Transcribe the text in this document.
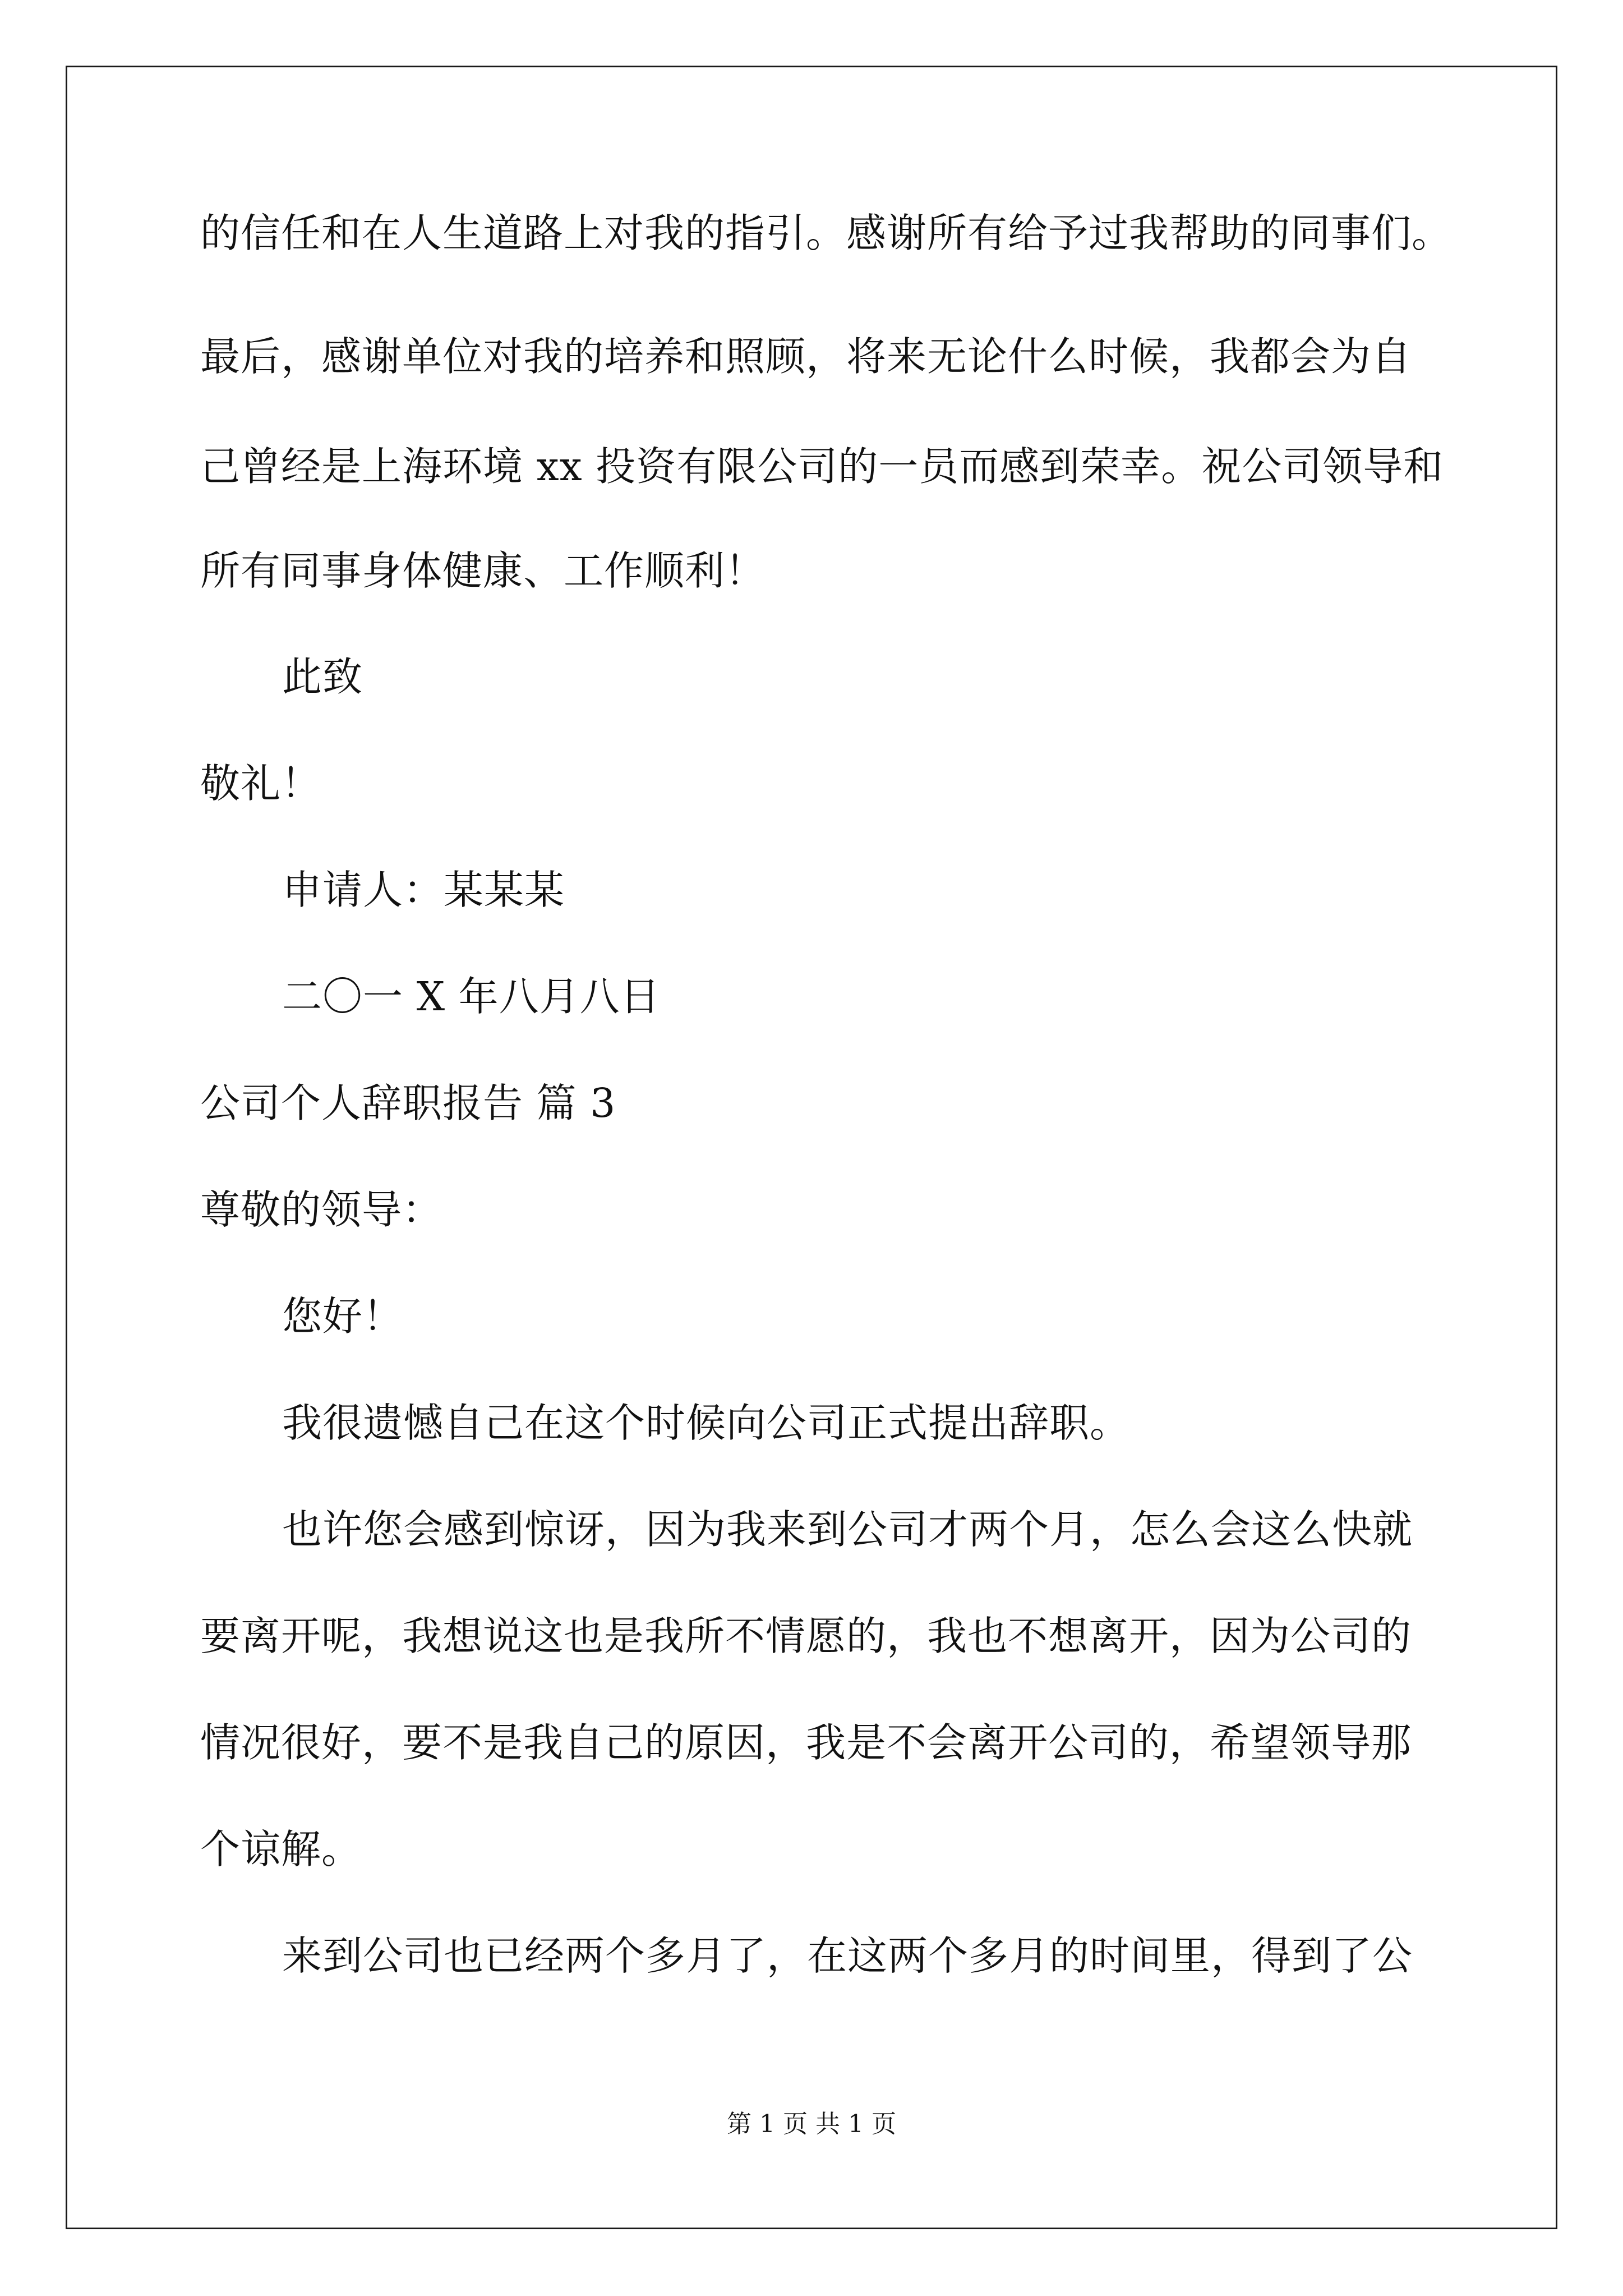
的信任和在人生道路上对我的指引。感谢所有给予过我帮助的同事们。
最后，感谢单位对我的培养和照顾，将来无论什么时候，我都会为自
己曾经是上海环境 xx 投资有限公司的一员而感到荣幸。祝公司领导和
所有同事身体健康、工作顺利！
此致
敬礼！
申请人：某某某
二〇一 X 年八月八日
公司个人辞职报告 篇 3
尊敬的领导：
您好！
我很遗憾自己在这个时候向公司正式提出辞职。
也许您会感到惊讶，因为我来到公司才两个月，怎么会这么快就
要离开呢，我想说这也是我所不情愿的，我也不想离开，因为公司的
情况很好，要不是我自己的原因，我是不会离开公司的，希望领导那
个谅解。
来到公司也已经两个多月了，在这两个多月的时间里，得到了公
第 1 页 共 1 页
